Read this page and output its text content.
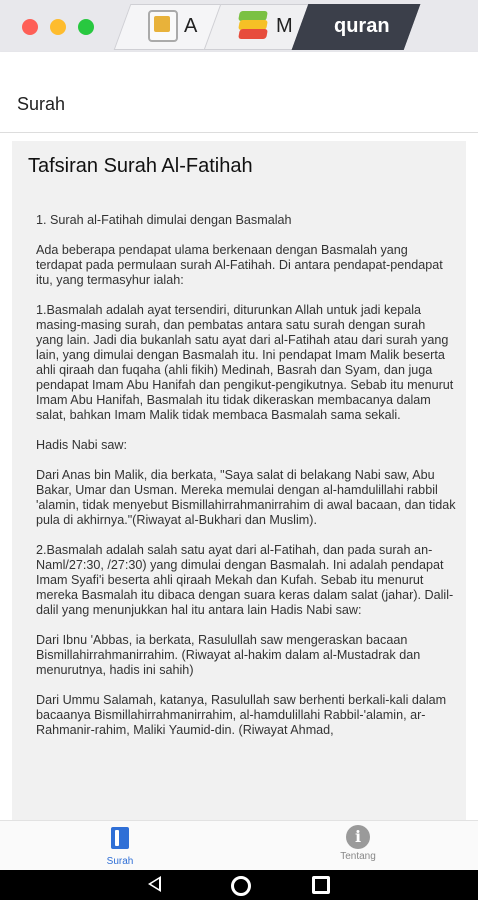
A	M quran
Surah
Tafsiran Surah Al-Fatihah
1. Surah al-Fatihah dimulai dengan Basmalah

Ada beberapa pendapat ulama berkenaan dengan Basmalah yang terdapat pada permulaan surah Al-Fatihah. Di antara pendapat-pendapat itu, yang termasyhur ialah:

1.Basmalah adalah ayat tersendiri, diturunkan Allah untuk jadi kepala masing-masing surah, dan pembatas antara satu surah dengan surah yang lain. Jadi dia bukanlah satu ayat dari al-Fatihah atau dari surah yang lain, yang dimulai dengan Basmalah itu. Ini pendapat Imam Malik beserta ahli qiraah dan fuqaha (ahli fikih) Medinah, Basrah dan Syam, dan juga pendapat Imam Abu Hanifah dan pengikut-pengikutnya. Sebab itu menurut Imam Abu Hanifah, Basmalah itu tidak dikeraskan membacanya dalam salat, bahkan Imam Malik tidak membaca Basmalah sama sekali.

Hadis Nabi saw:

Dari Anas bin Malik, dia berkata, "Saya salat di belakang Nabi saw, Abu Bakar, Umar dan Usman. Mereka memulai dengan al-hamdulillahi rabbil 'alamin, tidak menyebut Bismillahirrahmanirrahim di awal bacaan, dan tidak pula di akhirnya."(Riwayat al-Bukhari dan Muslim).

2.Basmalah adalah salah satu ayat dari al-Fatihah, dan pada surah an-Naml/27:30, /27:30) yang dimulai dengan Basmalah. Ini adalah pendapat Imam Syafi'i beserta ahli qiraah Mekah dan Kufah. Sebab itu menurut mereka Basmalah itu dibaca dengan suara keras dalam salat (jahar). Dalil-dalil yang menunjukkan hal itu antara lain Hadis Nabi saw:

Dari Ibnu 'Abbas, ia berkata, Rasulullah saw mengeraskan bacaan Bismillahirrahmanirrahim. (Riwayat al-hakim dalam al-Mustadrak dan menurutnya, hadis ini sahih)

Dari Ummu Salamah, katanya, Rasulullah saw berhenti berkali-kali dalam bacaanya Bismillahirrahmanirrahim, al-hamdulillahi Rabbil-'alamin, ar-Rahmanir-rahim, Maliki Yaumid-din. (Riwayat Ahmad,
Surah
i
Tentang
